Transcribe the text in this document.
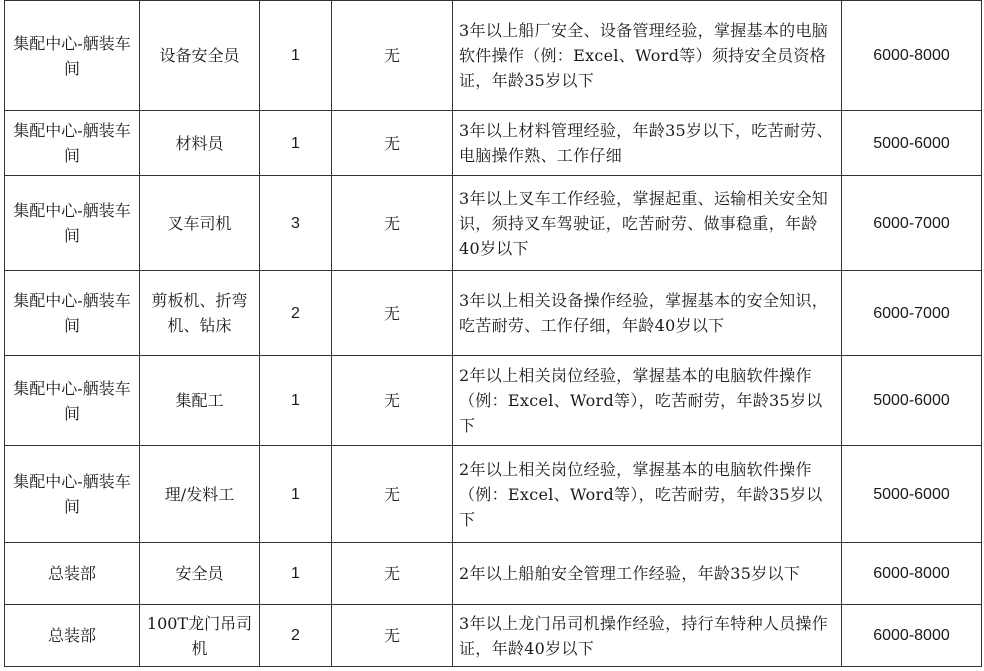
集配中心-舾装车间	设备安全员	1	无	3年以上船厂安全、设备管理经验，掌握基本的电脑软件操作（例：Excel、Word等）须持安全员资格证，年龄35岁以下	6000-8000
集配中心-舾装车间	材料员	1	无	3年以上材料管理经验，年龄35岁以下，吃苦耐劳、电脑操作熟、工作仔细	5000-6000
集配中心-舾装车间	叉车司机	3	无	3年以上叉车工作经验，掌握起重、运输相关安全知识，须持叉车驾驶证，吃苦耐劳、做事稳重，年龄40岁以下	6000-7000
集配中心-舾装车间	剪板机、折弯机、钻床	2	无	3年以上相关设备操作经验，掌握基本的安全知识，吃苦耐劳、工作仔细，年龄40岁以下	6000-7000
集配中心-舾装车间	集配工	1	无	2年以上相关岗位经验，掌握基本的电脑软件操作（例：Excel、Word等），吃苦耐劳，年龄35岁以下	5000-6000
集配中心-舾装车间	理/发料工	1	无	2年以上相关岗位经验，掌握基本的电脑软件操作（例：Excel、Word等），吃苦耐劳，年龄35岁以下	5000-6000
总装部	安全员	1	无	2年以上船舶安全管理工作经验，年龄35岁以下	6000-8000
总装部	100T龙门吊司机	2	无	3年以上龙门吊司机操作经验，持行车特种人员操作证，年龄40岁以下	6000-8000
